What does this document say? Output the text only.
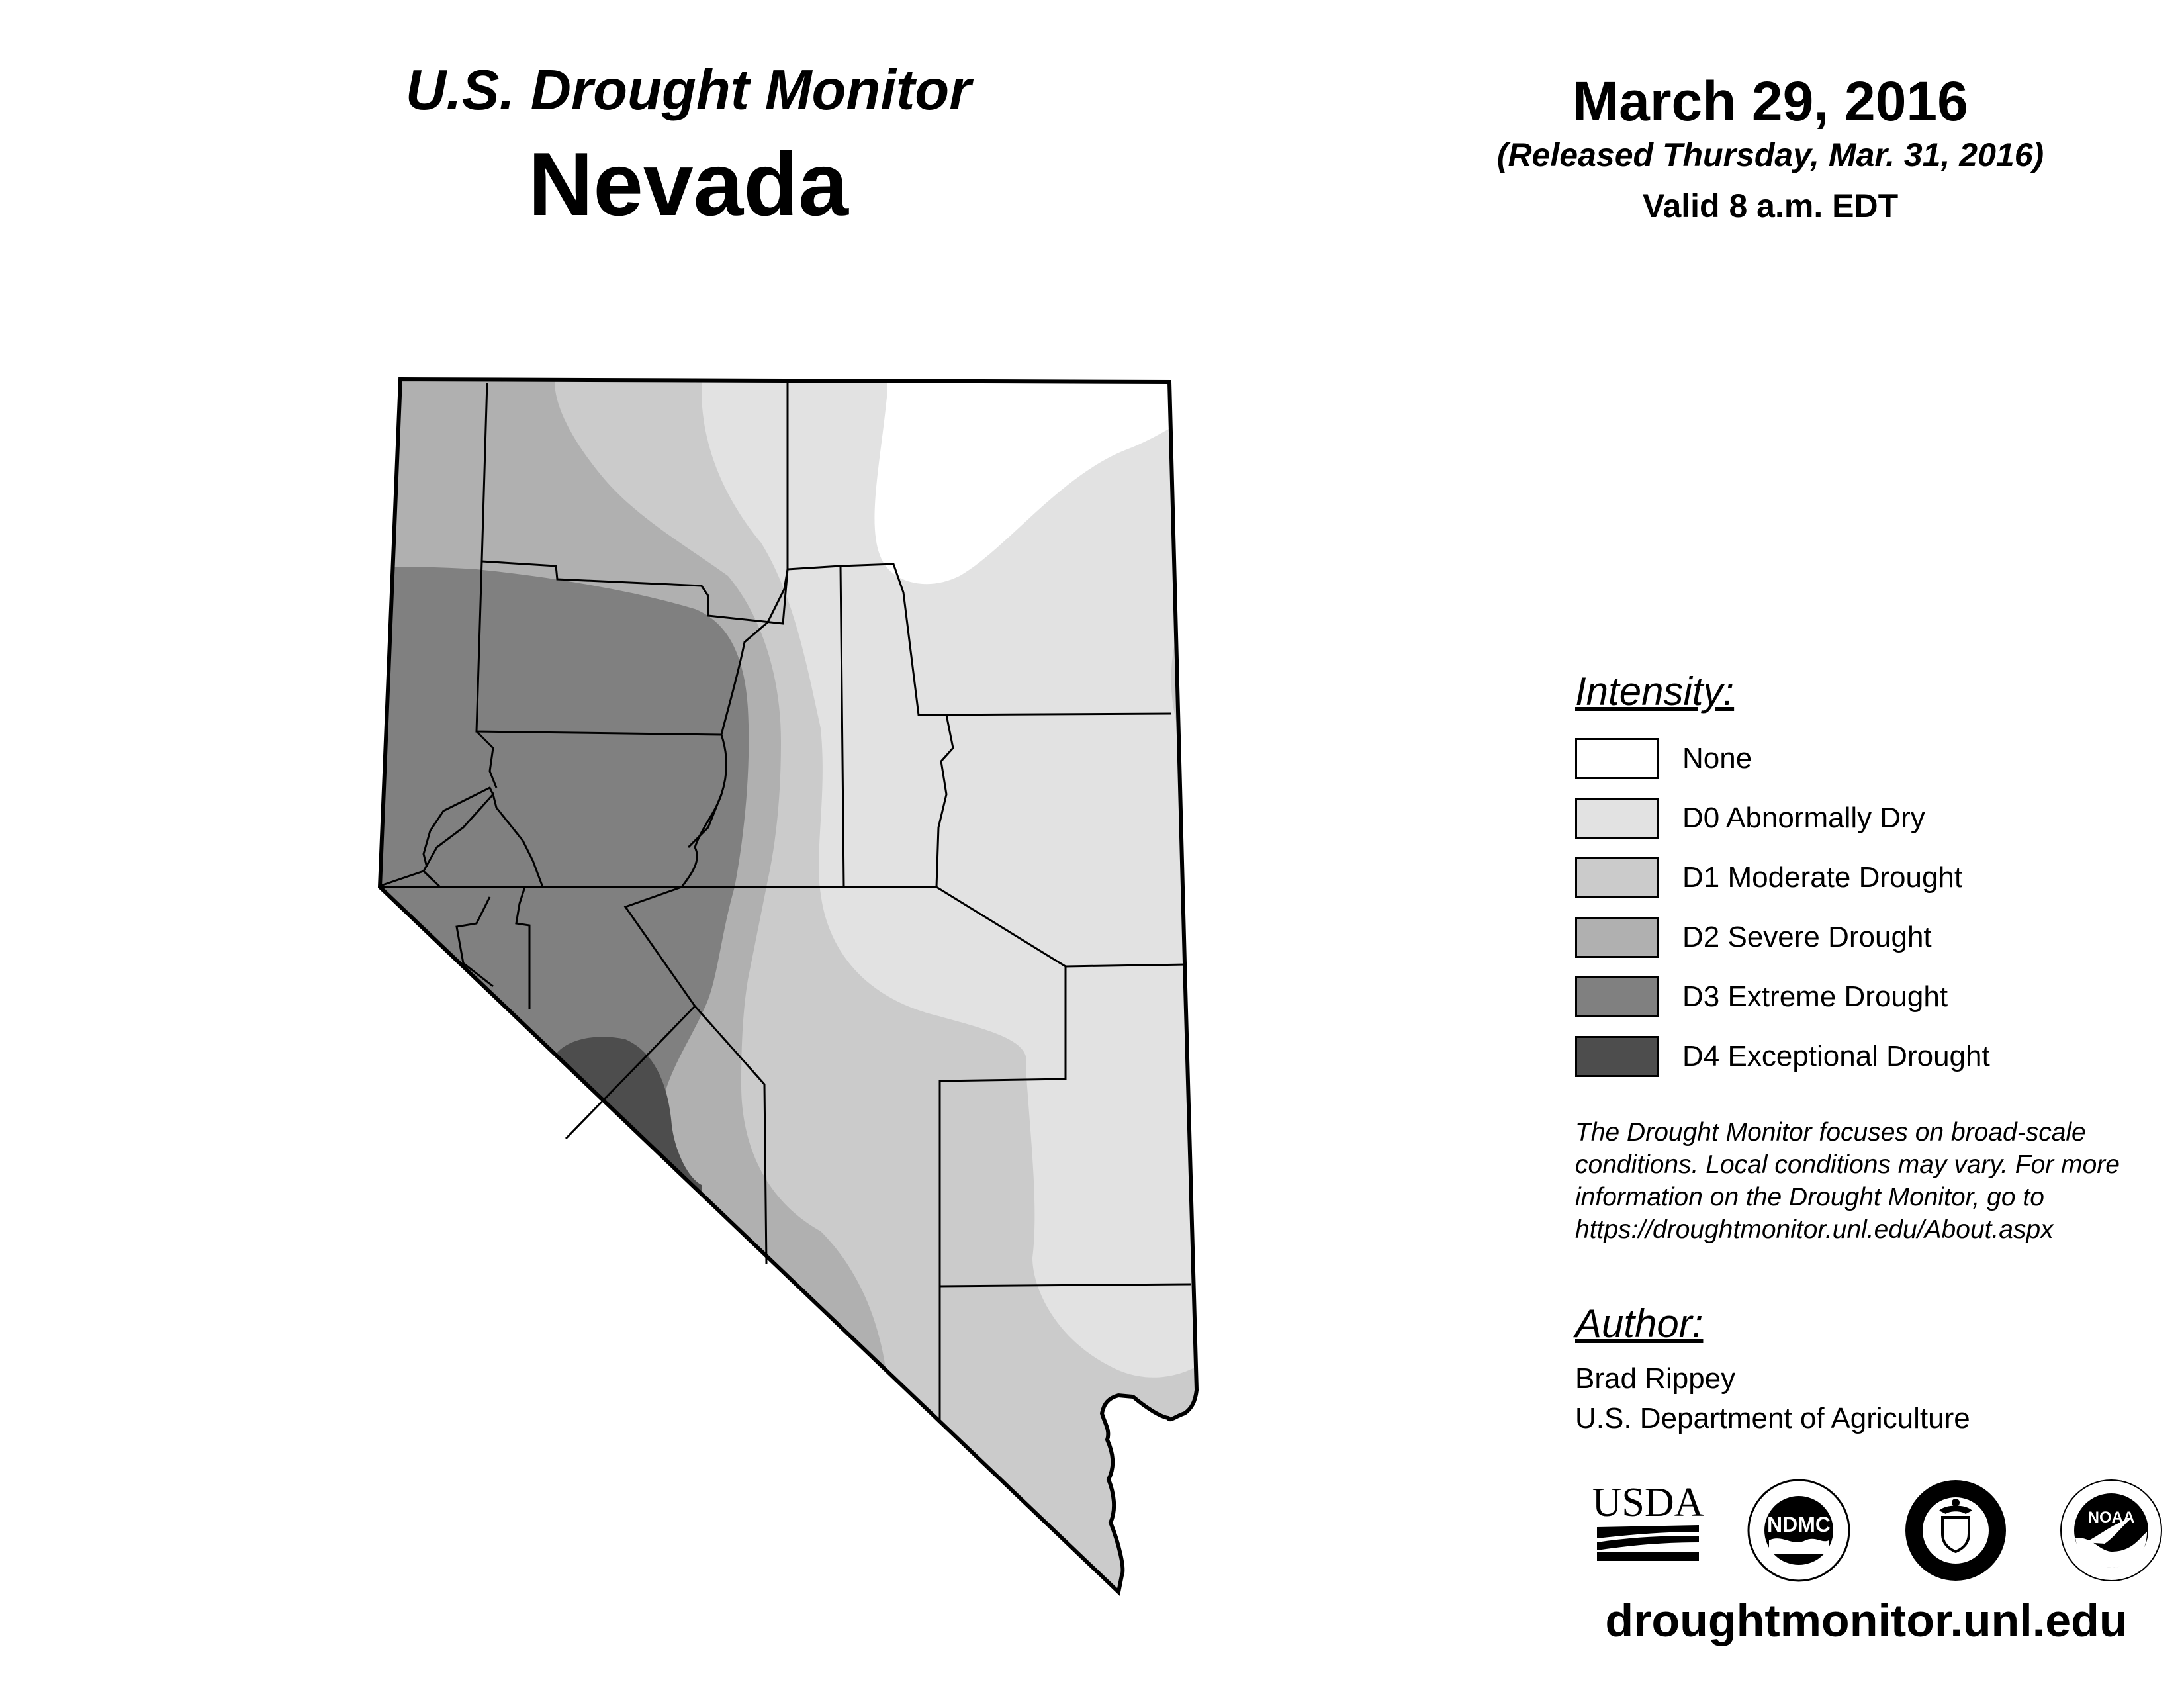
U.S. Drought Monitor
Nevada
March 29, 2016
(Released Thursday, Mar. 31, 2016)
Valid 8 a.m. EDT
Intensity:
None
D0 Abnormally Dry
D1 Moderate Drought
D2 Severe Drought
D3 Extreme Drought
D4 Exceptional Drought
The Drought Monitor focuses on broad-scale
conditions. Local conditions may vary. For more
information on the Drought Monitor, go to
https://droughtmonitor.unl.edu/About.aspx
Author:
Brad Rippey
U.S. Department of Agriculture
USDA	NDMC	NOAA
droughtmonitor.unl.edu
